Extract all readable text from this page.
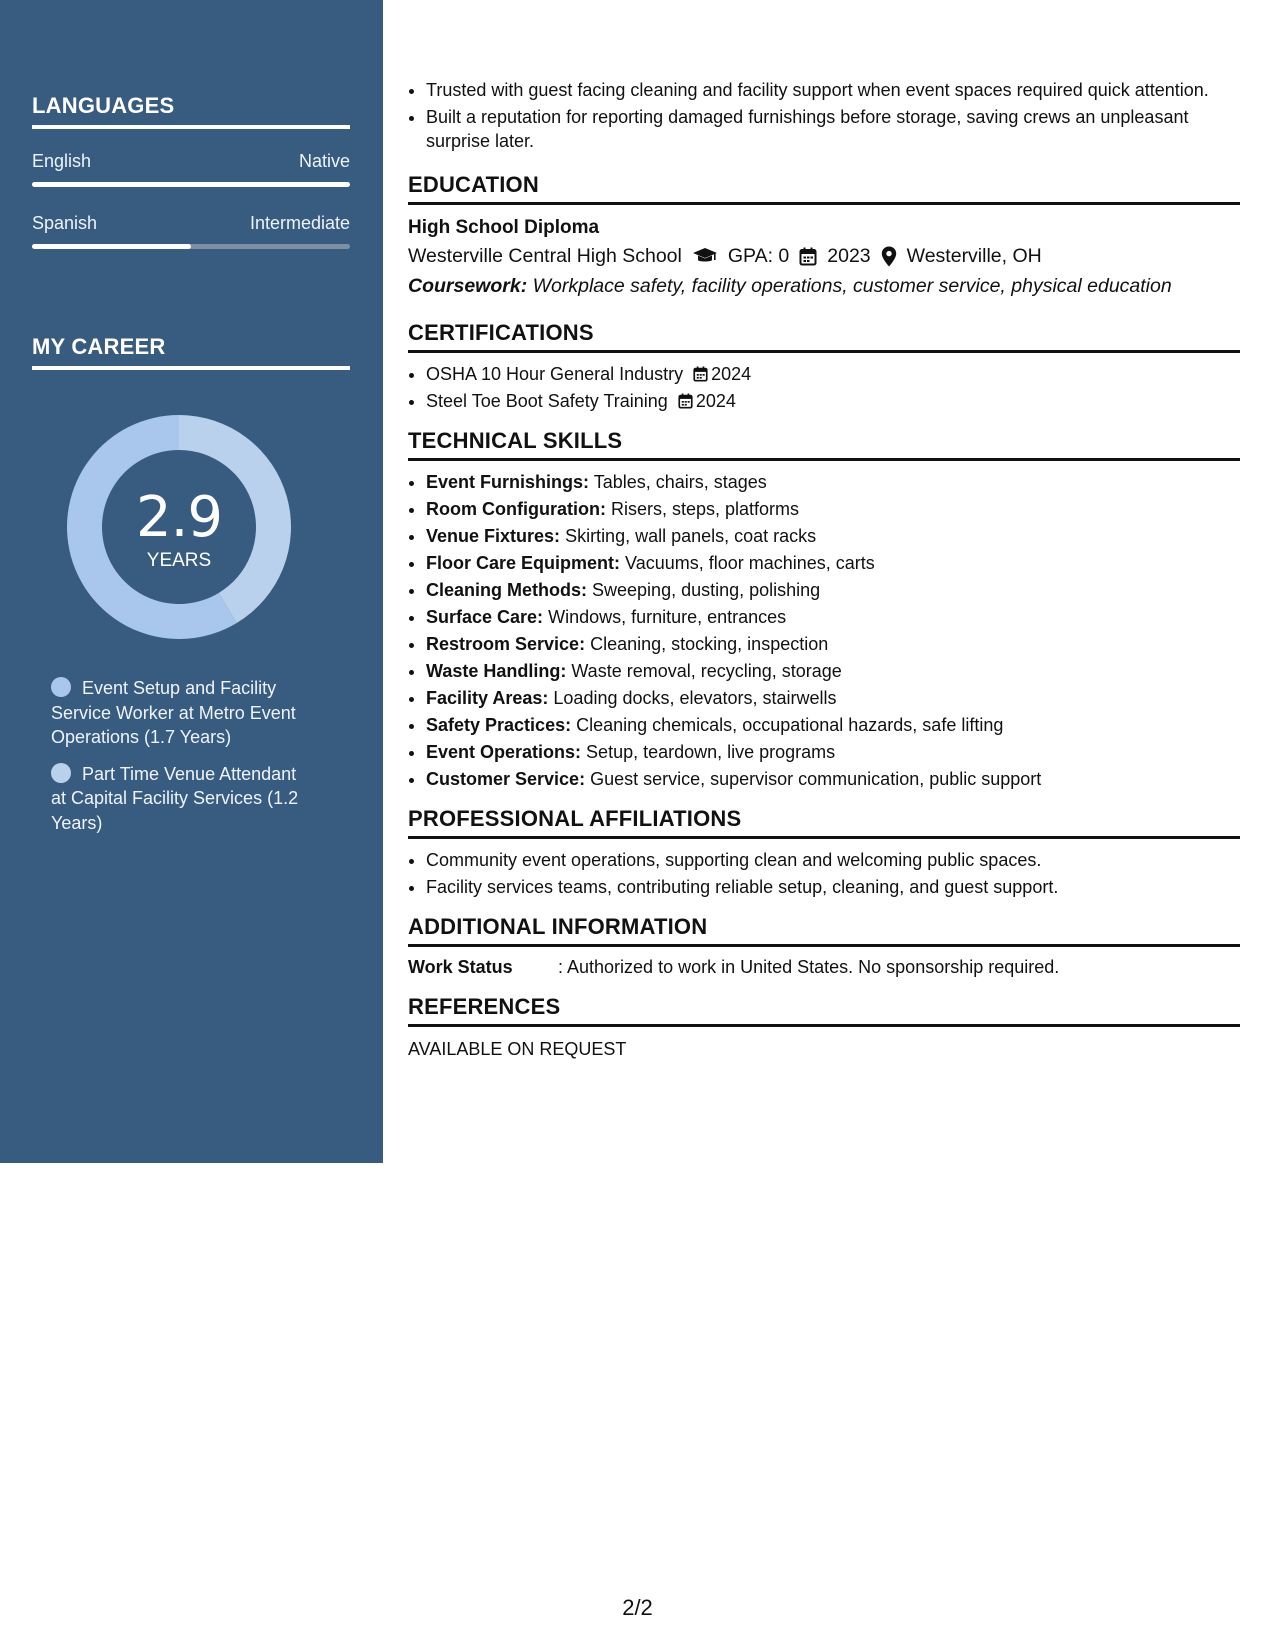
LANGUAGES
English	Native
Spanish	Intermediate
MY CAREER
2.9
YEARS
Event Setup and Facility Service Worker at Metro Event Operations (1.7 Years)
Part Time Venue Attendant at Capital Facility Services (1.2 Years)
• Trusted with guest facing cleaning and facility support when event spaces required quick attention.
• Built a reputation for reporting damaged furnishings before storage, saving crews an unpleasant surprise later.
EDUCATION
High School Diploma
Westerville Central High School GPA: 0 2023 Westerville, OH
Coursework: Workplace safety, facility operations, customer service, physical education
CERTIFICATIONS
• OSHA 10 Hour General Industry 2024
• Steel Toe Boot Safety Training 2024
TECHNICAL SKILLS
• Event Furnishings: Tables, chairs, stages
• Room Configuration: Risers, steps, platforms
• Venue Fixtures: Skirting, wall panels, coat racks
• Floor Care Equipment: Vacuums, floor machines, carts
• Cleaning Methods: Sweeping, dusting, polishing
• Surface Care: Windows, furniture, entrances
• Restroom Service: Cleaning, stocking, inspection
• Waste Handling: Waste removal, recycling, storage
• Facility Areas: Loading docks, elevators, stairwells
• Safety Practices: Cleaning chemicals, occupational hazards, safe lifting
• Event Operations: Setup, teardown, live programs
• Customer Service: Guest service, supervisor communication, public support
PROFESSIONAL AFFILIATIONS
• Community event operations, supporting clean and welcoming public spaces.
• Facility services teams, contributing reliable setup, cleaning, and guest support.
ADDITIONAL INFORMATION
Work Status	: Authorized to work in United States. No sponsorship required.
REFERENCES
AVAILABLE ON REQUEST
2/2
